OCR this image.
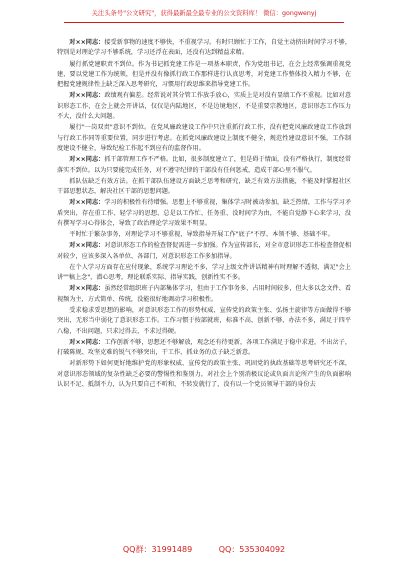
关注头条号"公文研究"，获得最新最全最专业的公文资料库！ 微信：gongwenyj

对××同志：接受新事物的速度不够快，不重视学习。有时只顾忙于工作，自觉主动挤出时间学习不够，特别是对理论学习不够系统，学习还浮在表面，还没有达到精益求精。

履行抓党建职责不到位。作为书记抓党建工作是一项基本职责，作为党组书记，在会上经常强调重视党建，要以党建工作为统领，但是并没有像抓行政工作那样进行认真思考，对党建工作整体投入精力不够，在把握党建规律性上缺乏深入思考研究，习惯用行政思维来指导党建工作。

对××同志：政绩观有偏差。经常说对其分管工作放手放心，实质上是对没有显绩工作不重视。比如对意识形态工作，在会上就会开讲话，仅仅是内陆地区，不是边境地区，不是重要宗教地区，意识形态工作压力不大，没什么大问题。

履行"一岗双责"意识不到位。在党风廉政建设工作中只注重抓行政工作，没有把党风廉政建设工作放到与行政工作同等重要位置，同步进行考虑。在抓党风廉政建设上制度不健全，规范性建设意识不强，工作制度建设不健全，导致纪检工作起不到应有的监督作用。

对××同志：抓干部管理工作不严格。比如，很多制度建立了，但是碍于情面，没有严格执行，制度经常落实不到位。以为只要能完成任务，对不遵守纪律的干部没有任何惩戒，造成干部心里不服气。

抓队伍缺乏有效方法。在抓干部队伍建设方面缺乏思考和研究，缺乏有效方法措施，不能及时掌握社区干部思想状态，解决社区干部的思想问题。

对××同志：学习的积极性有待增强。思想上不够重视，集体学习时被动参加，缺乏热情，工作与学习矛盾突出，存在重工作、轻学习的思想，总是以工作忙、任务重、没时间学为由，不能自觉静下心来学习，没有撰写学习心得体会，导致了政治理论学习效果不明显。

平时忙于繁杂事务，对理论学习不够重视，导致指导开展工作"底子"不厚、本领不够、基础不牢。

对××同志：对意识形态工作的检查督促需进一步加强。作为宣传部长，对全市意识形态工作检查督促相对较少，应该多深入各单位、各部门，对意识形态工作多加指导。

在个人学习方面存在应付现象，系统学习理论不多，学习上级文件讲话精神有时理解不透彻，满足"会上讲""稿上念"，潜心思考，理论联系实际、指导实践，创新性实不多。

对××同志：虽然经常组织班子内部集体学习，但由于工作事务多，占用时间较多，但大多以念文件、看视频为主，方式简单、传统，没能很好地调动学习积极性。

受求稳求妥思想的影响，对意识形态工作的形势权威、宣传党的政策主张、弘扬主旋律等方面做得不够突出，无形当中弱化了意识形态工作。工作习惯于按部就班，标准不高，创新不够，办法不多，满足于四平八稳，不出问题，只求过得去，不求过得硬。

对××同志：工作创新不够，思想还不够解放，观念还有待更新，各项工作满足于稳中求进，不出岔子，打破陈规、攻坚克难的锐气不够突出，干工作、抓业务的点子缺乏新意。

对新形势下如何更好地维护党的形象权威、宣传党的政策主张、巩固党的执政基础等思考研究还不深，对意识形态领域的复杂性缺乏必要的警惕性和鉴别力，对社会上个别消极议论或负面言论所产生的负面影响认识不足、抵制不力，认为只要自己不听和、不转发就行了，没有以一个党员领导干部的身份去

QQ群：31991489	QQ：535304092
